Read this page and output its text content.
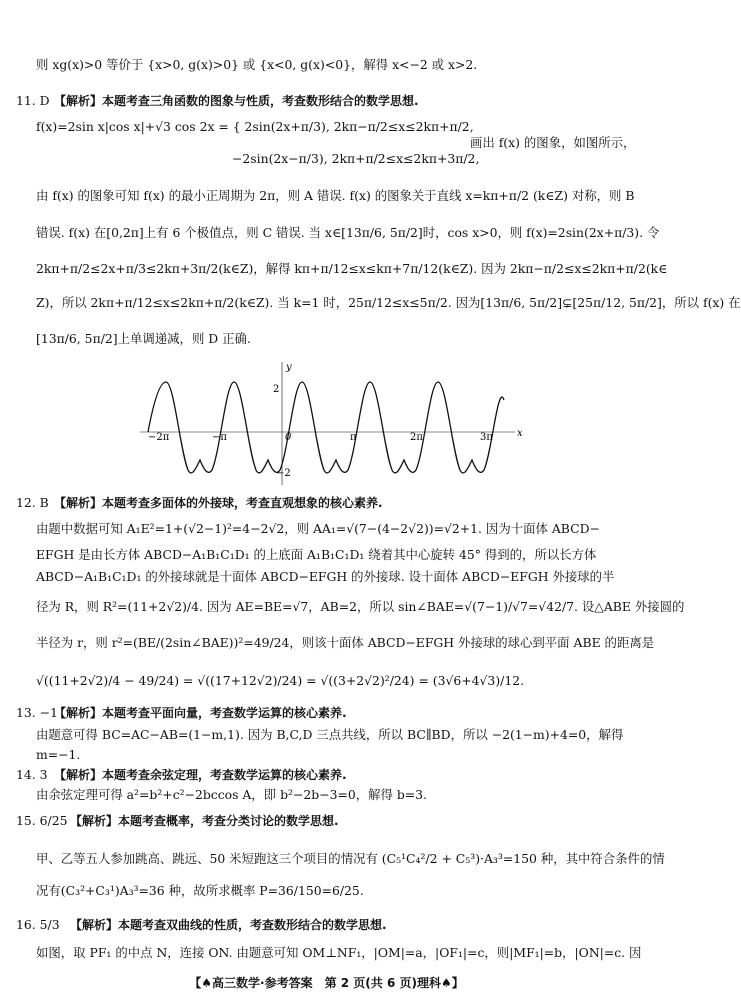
则 xg(x)>0 等价于 {x>0, g(x)>0} 或 {x<0, g(x)<0}，解得 x<−2 或 x>2.
11. D 【解析】本题考查三角函数的图象与性质，考查数形结合的数学思想.
f(x)=2sin x|cos x|+√3 cos 2x = { 2sin(2x+π/3), 2kπ−π/2≤x≤2kπ+π/2,
−2sin(2x−π/3), 2kπ+π/2≤x≤2kπ+3π/2,
画出 f(x) 的图象，如图所示，
由 f(x) 的图象可知 f(x) 的最小正周期为 2π，则 A 错误. f(x) 的图象关于直线 x=kπ+π/2 (k∈Z) 对称，则 B
错误. f(x) 在[0,2π]上有 6 个极值点，则 C 错误. 当 x∈[13π/6, 5π/2]时，cos x>0，则 f(x)=2sin(2x+π/3). 令
2kπ+π/2≤2x+π/3≤2kπ+3π/2(k∈Z)，解得 kπ+π/12≤x≤kπ+7π/12(k∈Z). 因为 2kπ−π/2≤x≤2kπ+π/2(k∈
Z)，所以 2kπ+π/12≤x≤2kπ+π/2(k∈Z). 当 k=1 时，25π/12≤x≤5π/2. 因为[13π/6, 5π/2]⊊[25π/12, 5π/2]，所以 f(x) 在
[13π/6, 5π/2]上单调递减，则 D 正确.
y
x
2
−2
−2π	−π	0	π	2π	3π
12. B 【解析】本题考查多面体的外接球，考查直观想象的核心素养.
由题中数据可知 A₁E²=1+(√2−1)²=4−2√2，则 AA₁=√(7−(4−2√2))=√2+1. 因为十面体 ABCD−
EFGH 是由长方体 ABCD−A₁B₁C₁D₁ 的上底面 A₁B₁C₁D₁ 绕着其中心旋转 45° 得到的，所以长方体
ABCD−A₁B₁C₁D₁ 的外接球就是十面体 ABCD−EFGH 的外接球. 设十面体 ABCD−EFGH 外接球的半
径为 R，则 R²=(11+2√2)/4. 因为 AE=BE=√7，AB=2，所以 sin∠BAE=√(7−1)/√7=√42/7. 设△ABE 外接圆的
半径为 r，则 r²=(BE/(2sin∠BAE))²=49/24，则该十面体 ABCD−EFGH 外接球的球心到平面 ABE 的距离是
√((11+2√2)/4 − 49/24) = √((17+12√2)/24) = √((3+2√2)²/24) = (3√6+4√3)/12.
13. −1
【解析】本题考查平面向量，考查数学运算的核心素养.
由题意可得 BC=AC−AB=(1−m,1). 因为 B,C,D 三点共线，所以 BC∥BD，所以 −2(1−m)+4=0，解得
m=−1.
14. 3 【解析】本题考查余弦定理，考查数学运算的核心素养.
由余弦定理可得 a²=b²+c²−2bccos A，即 b²−2b−3=0，解得 b=3.
15. 6/25 【解析】本题考查概率，考查分类讨论的数学思想.
甲、乙等五人参加跳高、跳远、50 米短跑这三个项目的情况有 (C₅¹C₄²/2 + C₅³)·A₃³=150 种，其中符合条件的情
况有(C₃²+C₃¹)A₃³=36 种，故所求概率 P=36/150=6/25.
16. 5/3 【解析】本题考查双曲线的性质，考查数形结合的数学思想.
如图，取 PF₁ 的中点 N，连接 ON. 由题意可知 OM⊥NF₁，|OM|=a，|OF₁|=c，则|MF₁|=b，|ON|=c. 因
【♠高三数学·参考答案　第 2 页(共 6 页)理科♠】
